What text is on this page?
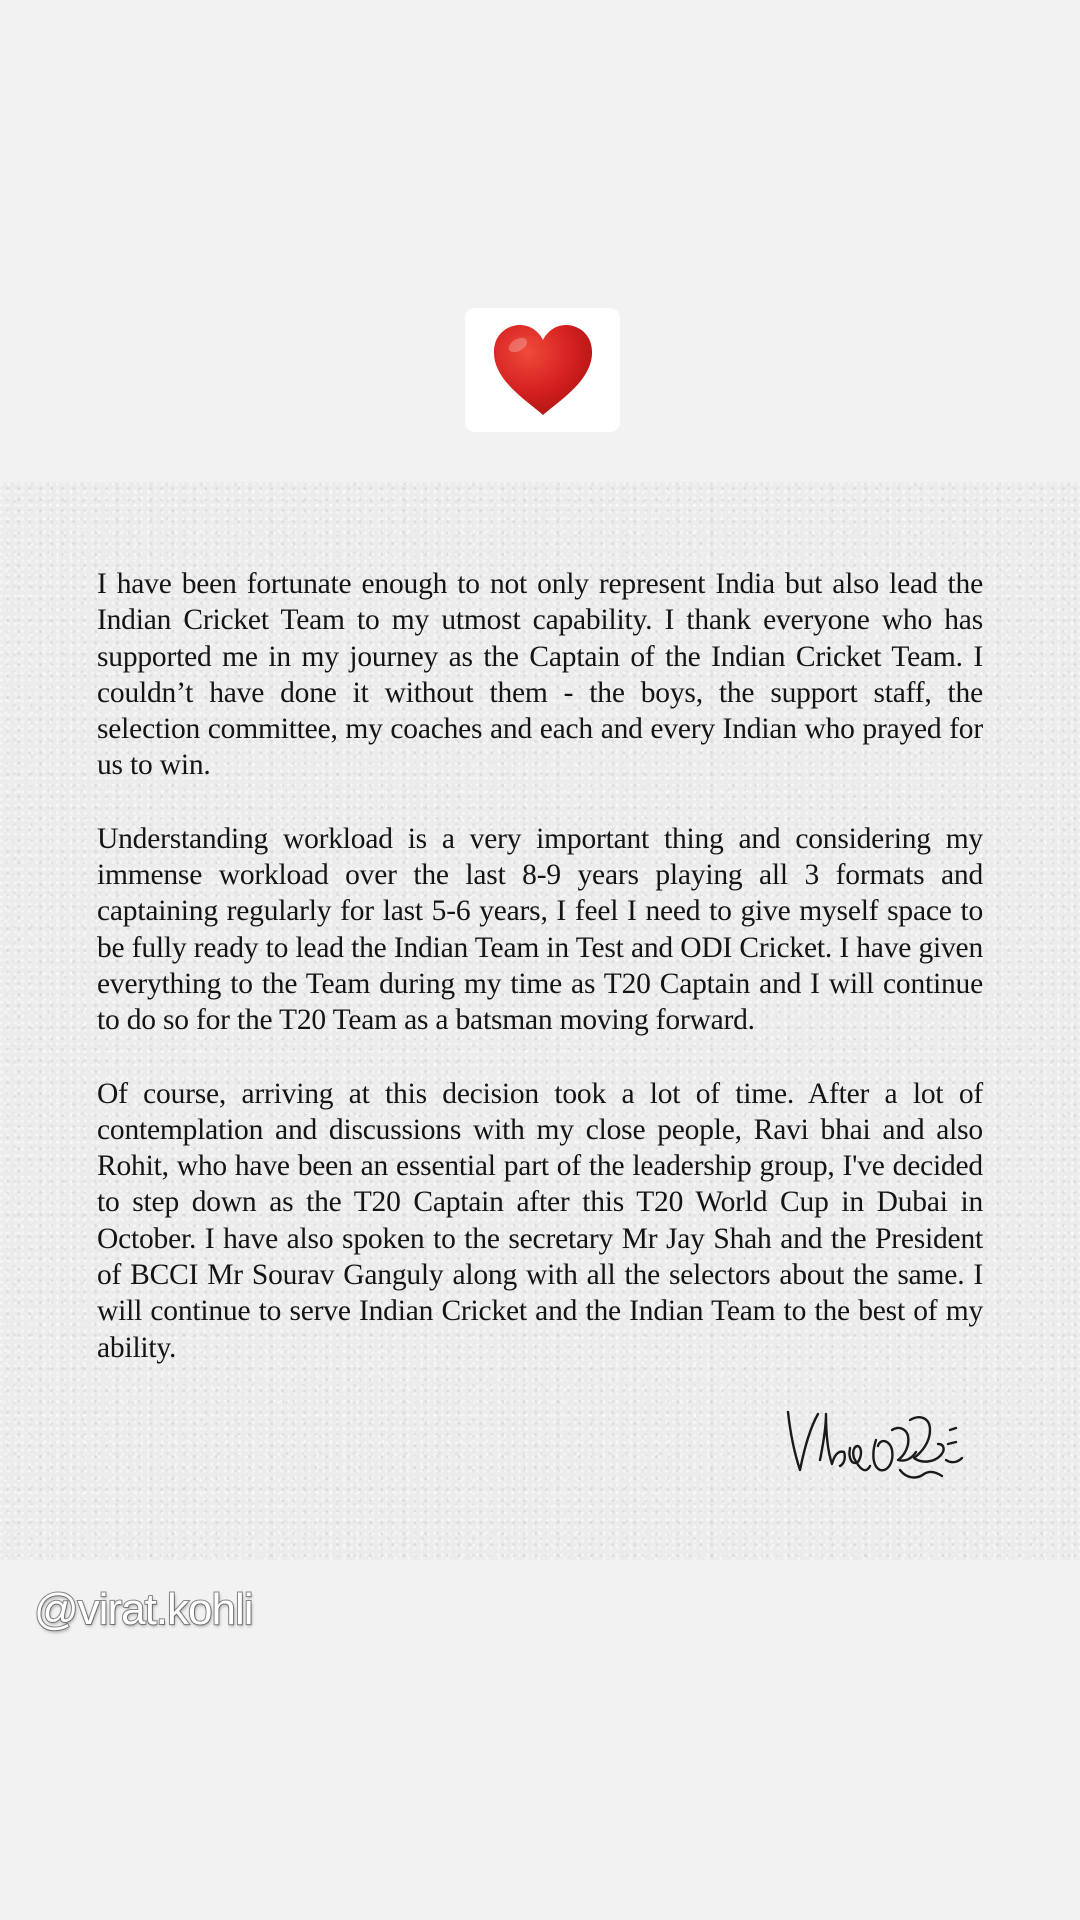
I have been fortunate enough to not only represent India but also lead the Indian Cricket Team to my utmost capability. I thank everyone who has supported me in my journey as the Captain of the Indian Cricket Team. I couldn’t have done it without them - the boys, the support staff, the selection committee, my coaches and each and every Indian who prayed for us to win.

Understanding workload is a very important thing and considering my immense workload over the last 8-9 years playing all 3 formats and captaining regularly for last 5-6 years, I feel I need to give myself space to be fully ready to lead the Indian Team in Test and ODI Cricket. I have given everything to the Team during my time as T20 Captain and I will continue to do so for the T20 Team as a batsman moving forward.

Of course, arriving at this decision took a lot of time. After a lot of contemplation and discussions with my close people, Ravi bhai and also Rohit, who have been an essential part of the leadership group, I've decided to step down as the T20 Captain after this T20 World Cup in Dubai in October. I have also spoken to the secretary Mr Jay Shah and the President of BCCI Mr Sourav Ganguly along with all the selectors about the same. I will continue to serve Indian Cricket and the Indian Team to the best of my ability.

@virat.kohli
